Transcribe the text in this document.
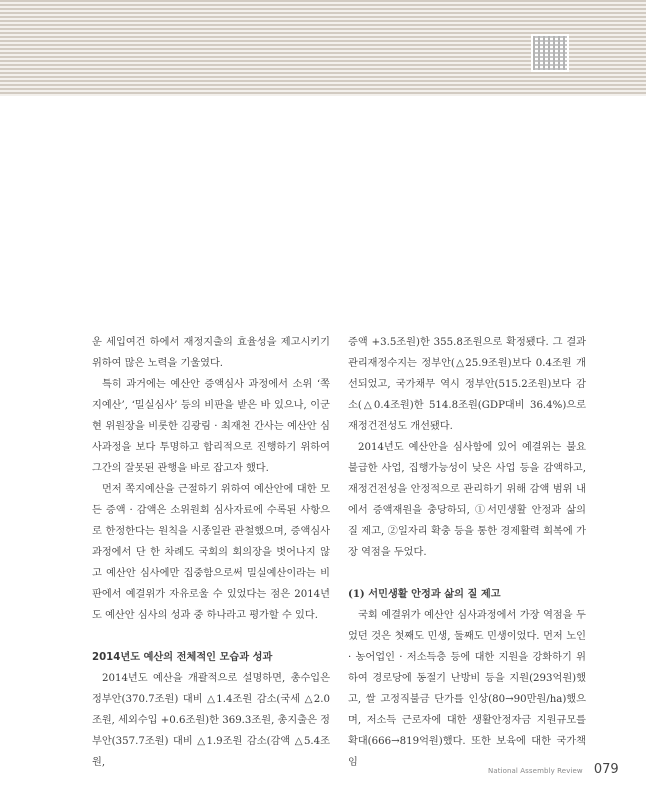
운 세입여건 하에서 재정지출의 효율성을 제고시키기 위하여 많은 노력을 기울였다.

특히 과거에는 예산안 증액심사 과정에서 소위 ‘쪽지예산’, ‘밀실심사’ 등의 비판을 받은 바 있으나, 이군현 위원장을 비롯한 김광림 · 최재천 간사는 예산안 심사과정을 보다 투명하고 합리적으로 진행하기 위하여 그간의 잘못된 관행을 바로 잡고자 했다.

먼저 쪽지예산을 근절하기 위하여 예산안에 대한 모든 증액 · 감액은 소위원회 심사자료에 수록된 사항으로 한정한다는 원칙을 시종일관 관철했으며, 증액심사 과정에서 단 한 차례도 국회의 회의장을 벗어나지 않고 예산안 심사에만 집중함으로써 밀실예산이라는 비판에서 예결위가 자유로울 수 있었다는 점은 2014년도 예산안 심사의 성과 중 하나라고 평가할 수 있다.

2014년도 예산의 전체적인 모습과 성과

2014년도 예산을 개괄적으로 설명하면, 총수입은 정부안(370.7조원) 대비 △1.4조원 감소(국세 △2.0조원, 세외수입 +0.6조원)한 369.3조원, 총지출은 정부안(357.7조원) 대비 △1.9조원 감소(감액 △5.4조원,

증액 +3.5조원)한 355.8조원으로 확정됐다. 그 결과 관리재정수지는 정부안(△25.9조원)보다 0.4조원 개선되었고, 국가채무 역시 정부안(515.2조원)보다 감소(△0.4조원)한 514.8조원(GDP대비 36.4%)으로 재정건전성도 개선됐다.

2014년도 예산안을 심사함에 있어 예결위는 불요불급한 사업, 집행가능성이 낮은 사업 등을 감액하고, 재정건전성을 안정적으로 관리하기 위해 감액 범위 내에서 증액재원을 충당하되, ①서민생활 안정과 삶의 질 제고, ②일자리 확충 등을 통한 경제활력 회복에 가장 역점을 두었다.

(1) 서민생활 안정과 삶의 질 제고

국회 예결위가 예산안 심사과정에서 가장 역점을 두었던 것은 첫째도 민생, 둘째도 민생이었다. 먼저 노인 · 농어업인 · 저소득층 등에 대한 지원을 강화하기 위하여 경로당에 동절기 난방비 등을 지원(293억원)했고, 쌀 고정직불금 단가를 인상(80→90만원/ha)했으며, 저소득 근로자에 대한 생활안정자금 지원규모를 확대(666→819억원)했다. 또한 보육에 대한 국가책임

National Assembly Review 079
